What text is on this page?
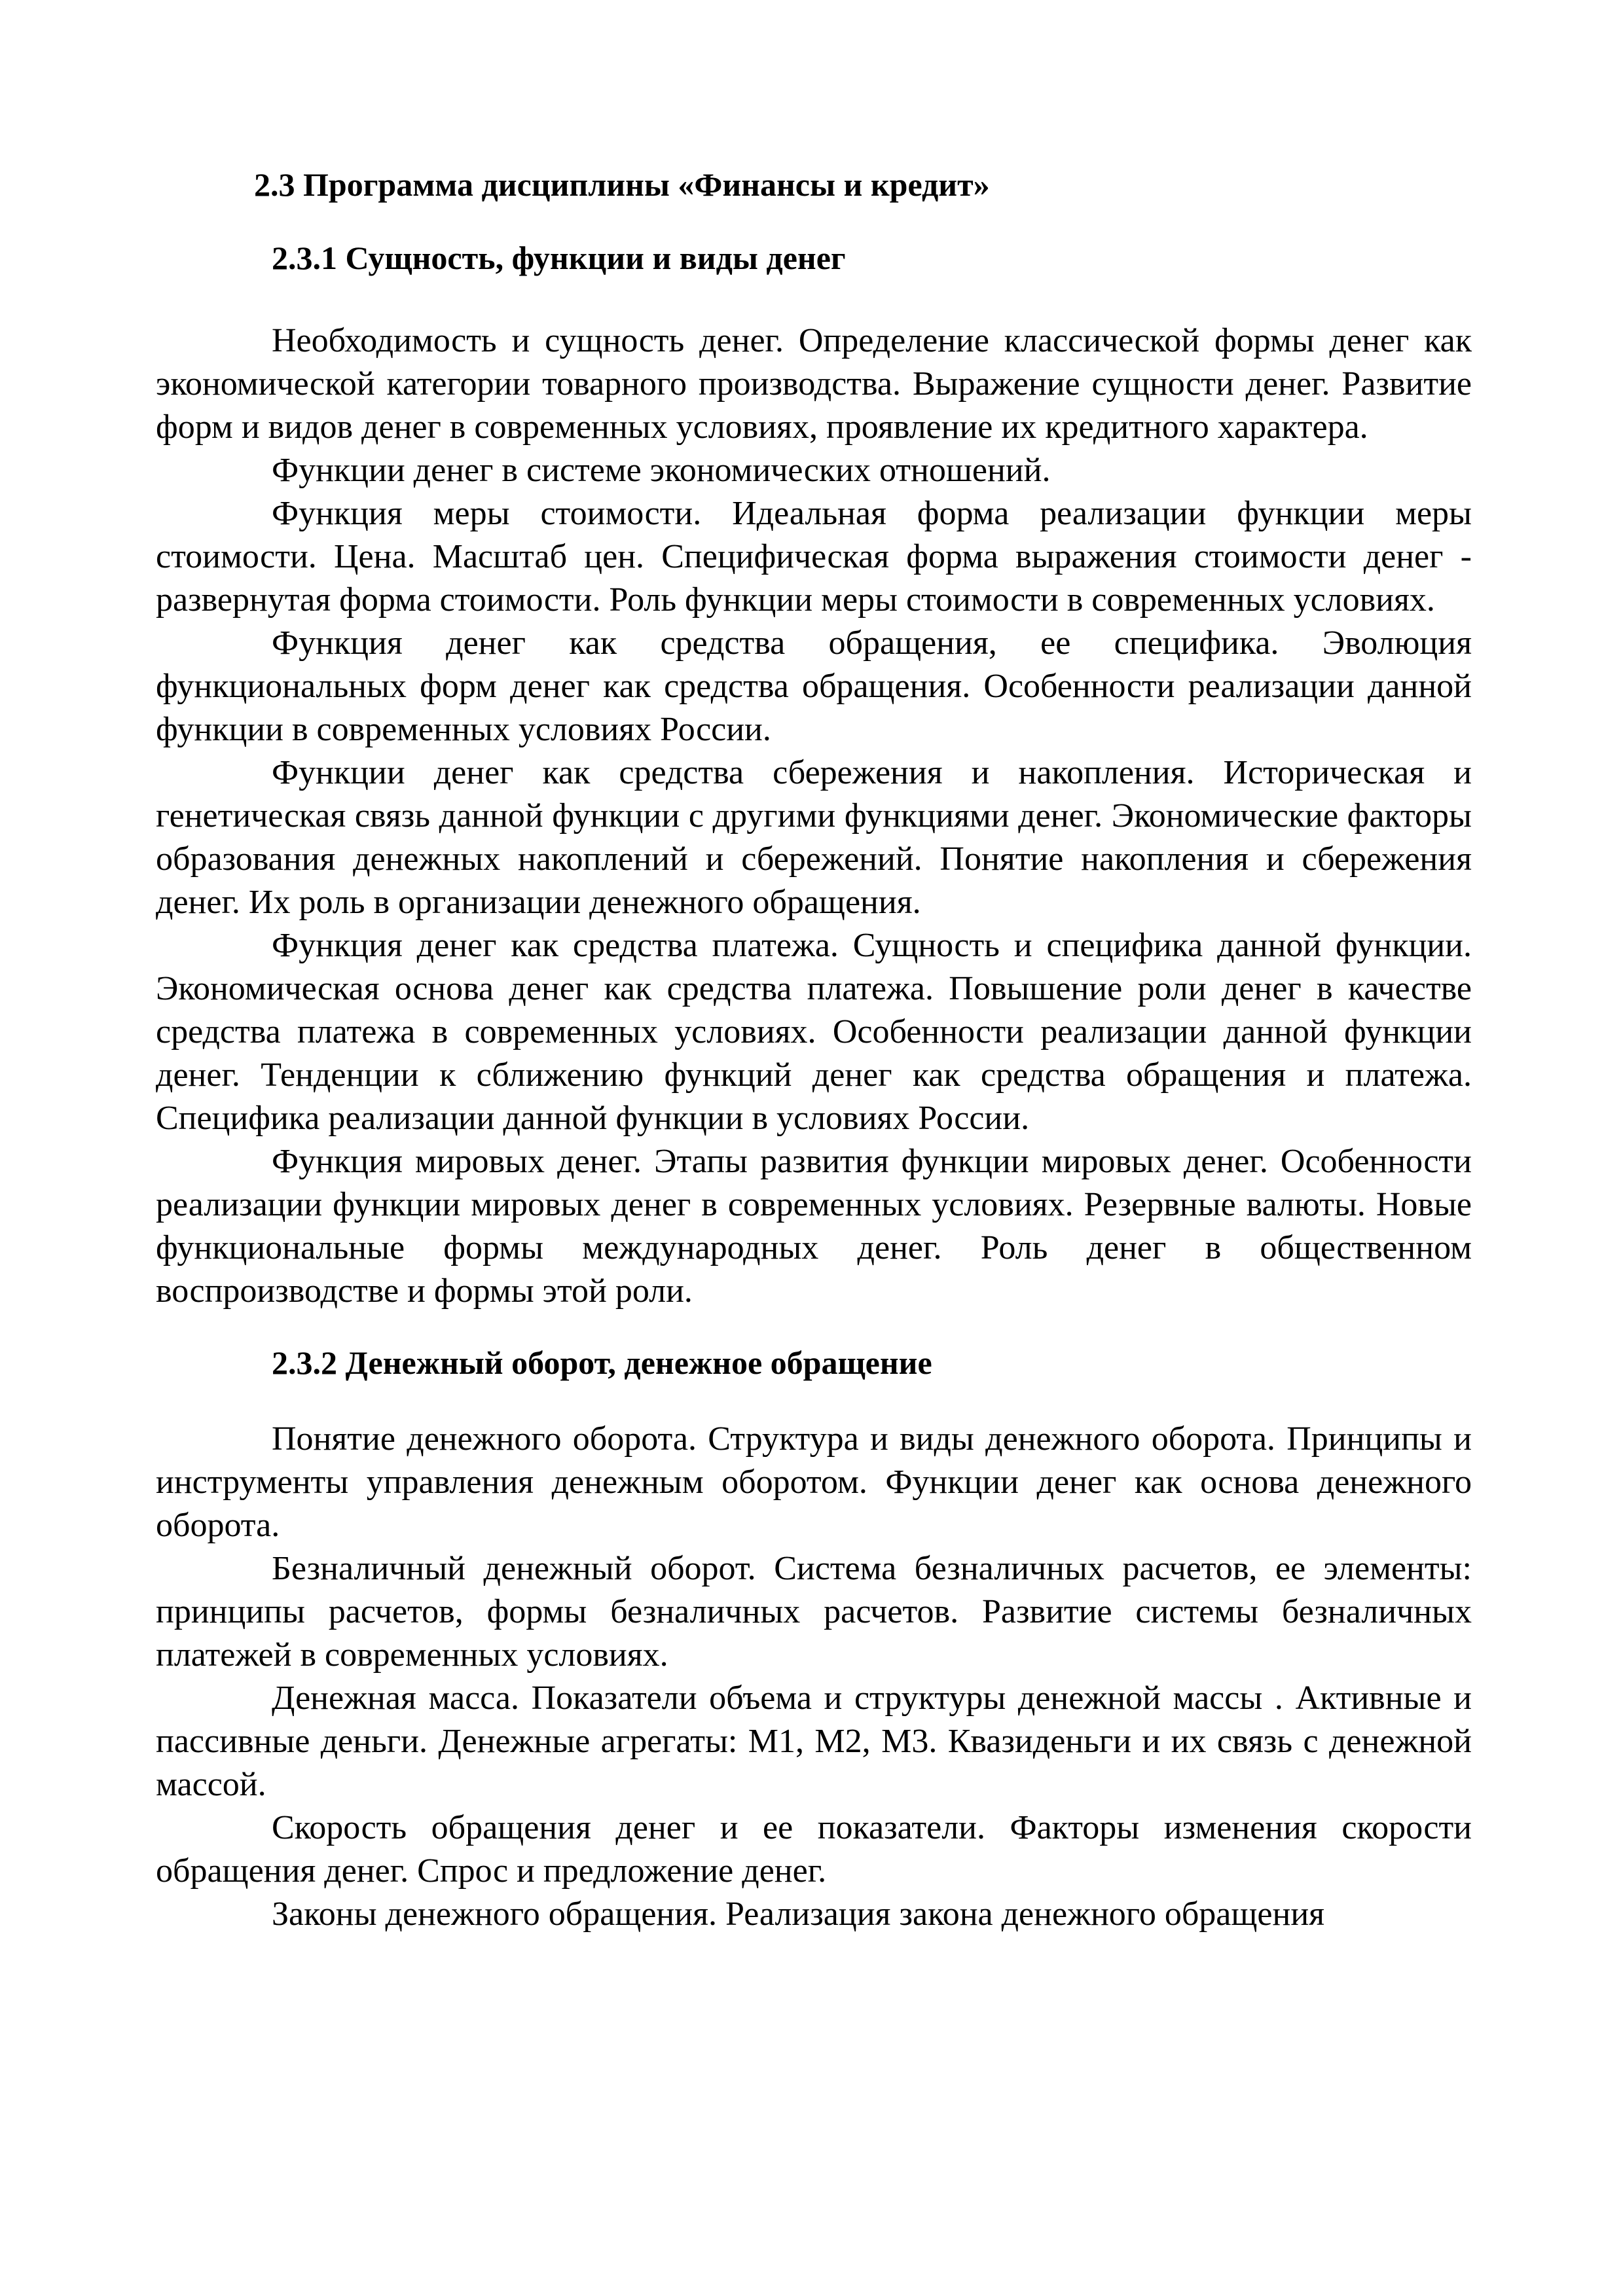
2.3 Программа дисциплины «Финансы и кредит»
2.3.1 Сущность, функции и виды денег

Необходимость и сущность денег. Определение классической формы денег как экономической категории товарного производства. Выражение сущности денег. Развитие форм и видов денег в современных условиях, проявление их кредитного характера.

Функции денег в системе экономических отношений.

Функция меры стоимости. Идеальная форма реализации функции меры стоимости. Цена. Масштаб цен. Специфическая форма выражения стоимости денег - развернутая форма стоимости. Роль функции меры стоимости в современных условиях.

Функция денег как средства обращения, ее специфика. Эволюция функциональных форм денег как средства обращения. Особенности реализации данной функции в современных условиях России.

Функции денег как средства сбережения и накопления. Историческая и генетическая связь данной функции с другими функциями денег. Экономические факторы образования денежных накоплений и сбережений. Понятие накопления и сбережения денег. Их роль в организации денежного обращения.

Функция денег как средства платежа. Сущность и специфика данной функции. Экономическая основа денег как средства платежа. Повышение роли денег в качестве средства платежа в современных условиях. Особенности реализации данной функции денег. Тенденции к сближению функций денег как средства обращения и платежа. Специфика реализации данной функции в условиях России.

Функция мировых денег. Этапы развития функции мировых денег. Особенности реализации функции мировых денег в современных условиях. Резервные валюты. Новые функциональные формы международных денег. Роль денег в общественном воспроизводстве и формы этой роли.

2.3.2 Денежный оборот, денежное обращение

Понятие денежного оборота. Структура и виды денежного оборота. Принципы и инструменты управления денежным оборотом. Функции денег как основа денежного оборота.

Безналичный денежный оборот. Система безналичных расчетов, ее элементы: принципы расчетов, формы безналичных расчетов. Развитие системы безналичных платежей в современных условиях.

Денежная масса. Показатели объема и структуры денежной массы . Активные и пассивные деньги. Денежные агрегаты: М1, М2, М3. Квазиденьги и их связь с денежной массой.

Скорость обращения денег и ее показатели. Факторы изменения скорости обращения денег. Спрос и предложение денег.

Законы денежного обращения. Реализация закона денежного обращения
